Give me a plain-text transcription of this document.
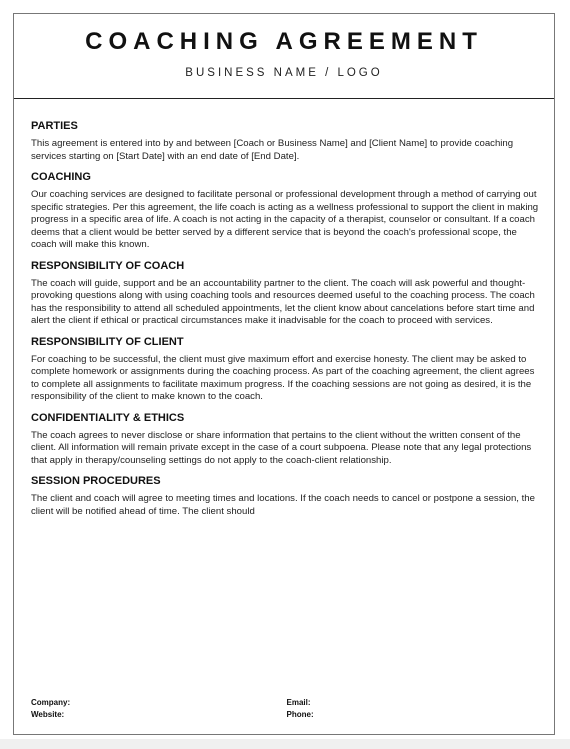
COACHING AGREEMENT
BUSINESS NAME / LOGO
PARTIES
This agreement is entered into by and between [Coach or Business Name] and [Client Name] to provide coaching services starting on [Start Date] with an end date of [End Date].
COACHING
Our coaching services are designed to facilitate personal or professional development through a method of carrying out specific strategies. Per this agreement, the life coach is acting as a wellness professional to support the client in making progress in a specific area of life. A coach is not acting in the capacity of a therapist, counselor or consultant. If a coach deems that a client would be better served by a different service that is beyond the coach's professional scope, the coach will make this known.
RESPONSIBILITY OF COACH
The coach will guide, support and be an accountability partner to the client. The coach will ask powerful and thought-provoking questions along with using coaching tools and resources deemed useful to the coaching process. The coach has the responsibility to attend all scheduled appointments, let the client know about cancelations before start time and alert the client if ethical or practical circumstances make it inadvisable for the coach to proceed with services.
RESPONSIBILITY OF CLIENT
For coaching to be successful, the client must give maximum effort and exercise honesty. The client may be asked to complete homework or assignments during the coaching process. As part of the coaching agreement, the client agrees to complete all assignments to facilitate maximum progress. If the coaching sessions are not going as desired, it is the responsibility of the client to make known to the coach.
CONFIDENTIALITY & ETHICS
The coach agrees to never disclose or share information that pertains to the client without the written consent of the client. All information will remain private except in the case of a court subpoena. Please note that any legal protections that apply in therapy/counseling settings do not apply to the coach-client relationship.
SESSION PROCEDURES
The client and coach will agree to meeting times and locations. If the coach needs to cancel or postpone a session, the client will be notified ahead of time. The client should
Company:	Email:
Website:	Phone:
